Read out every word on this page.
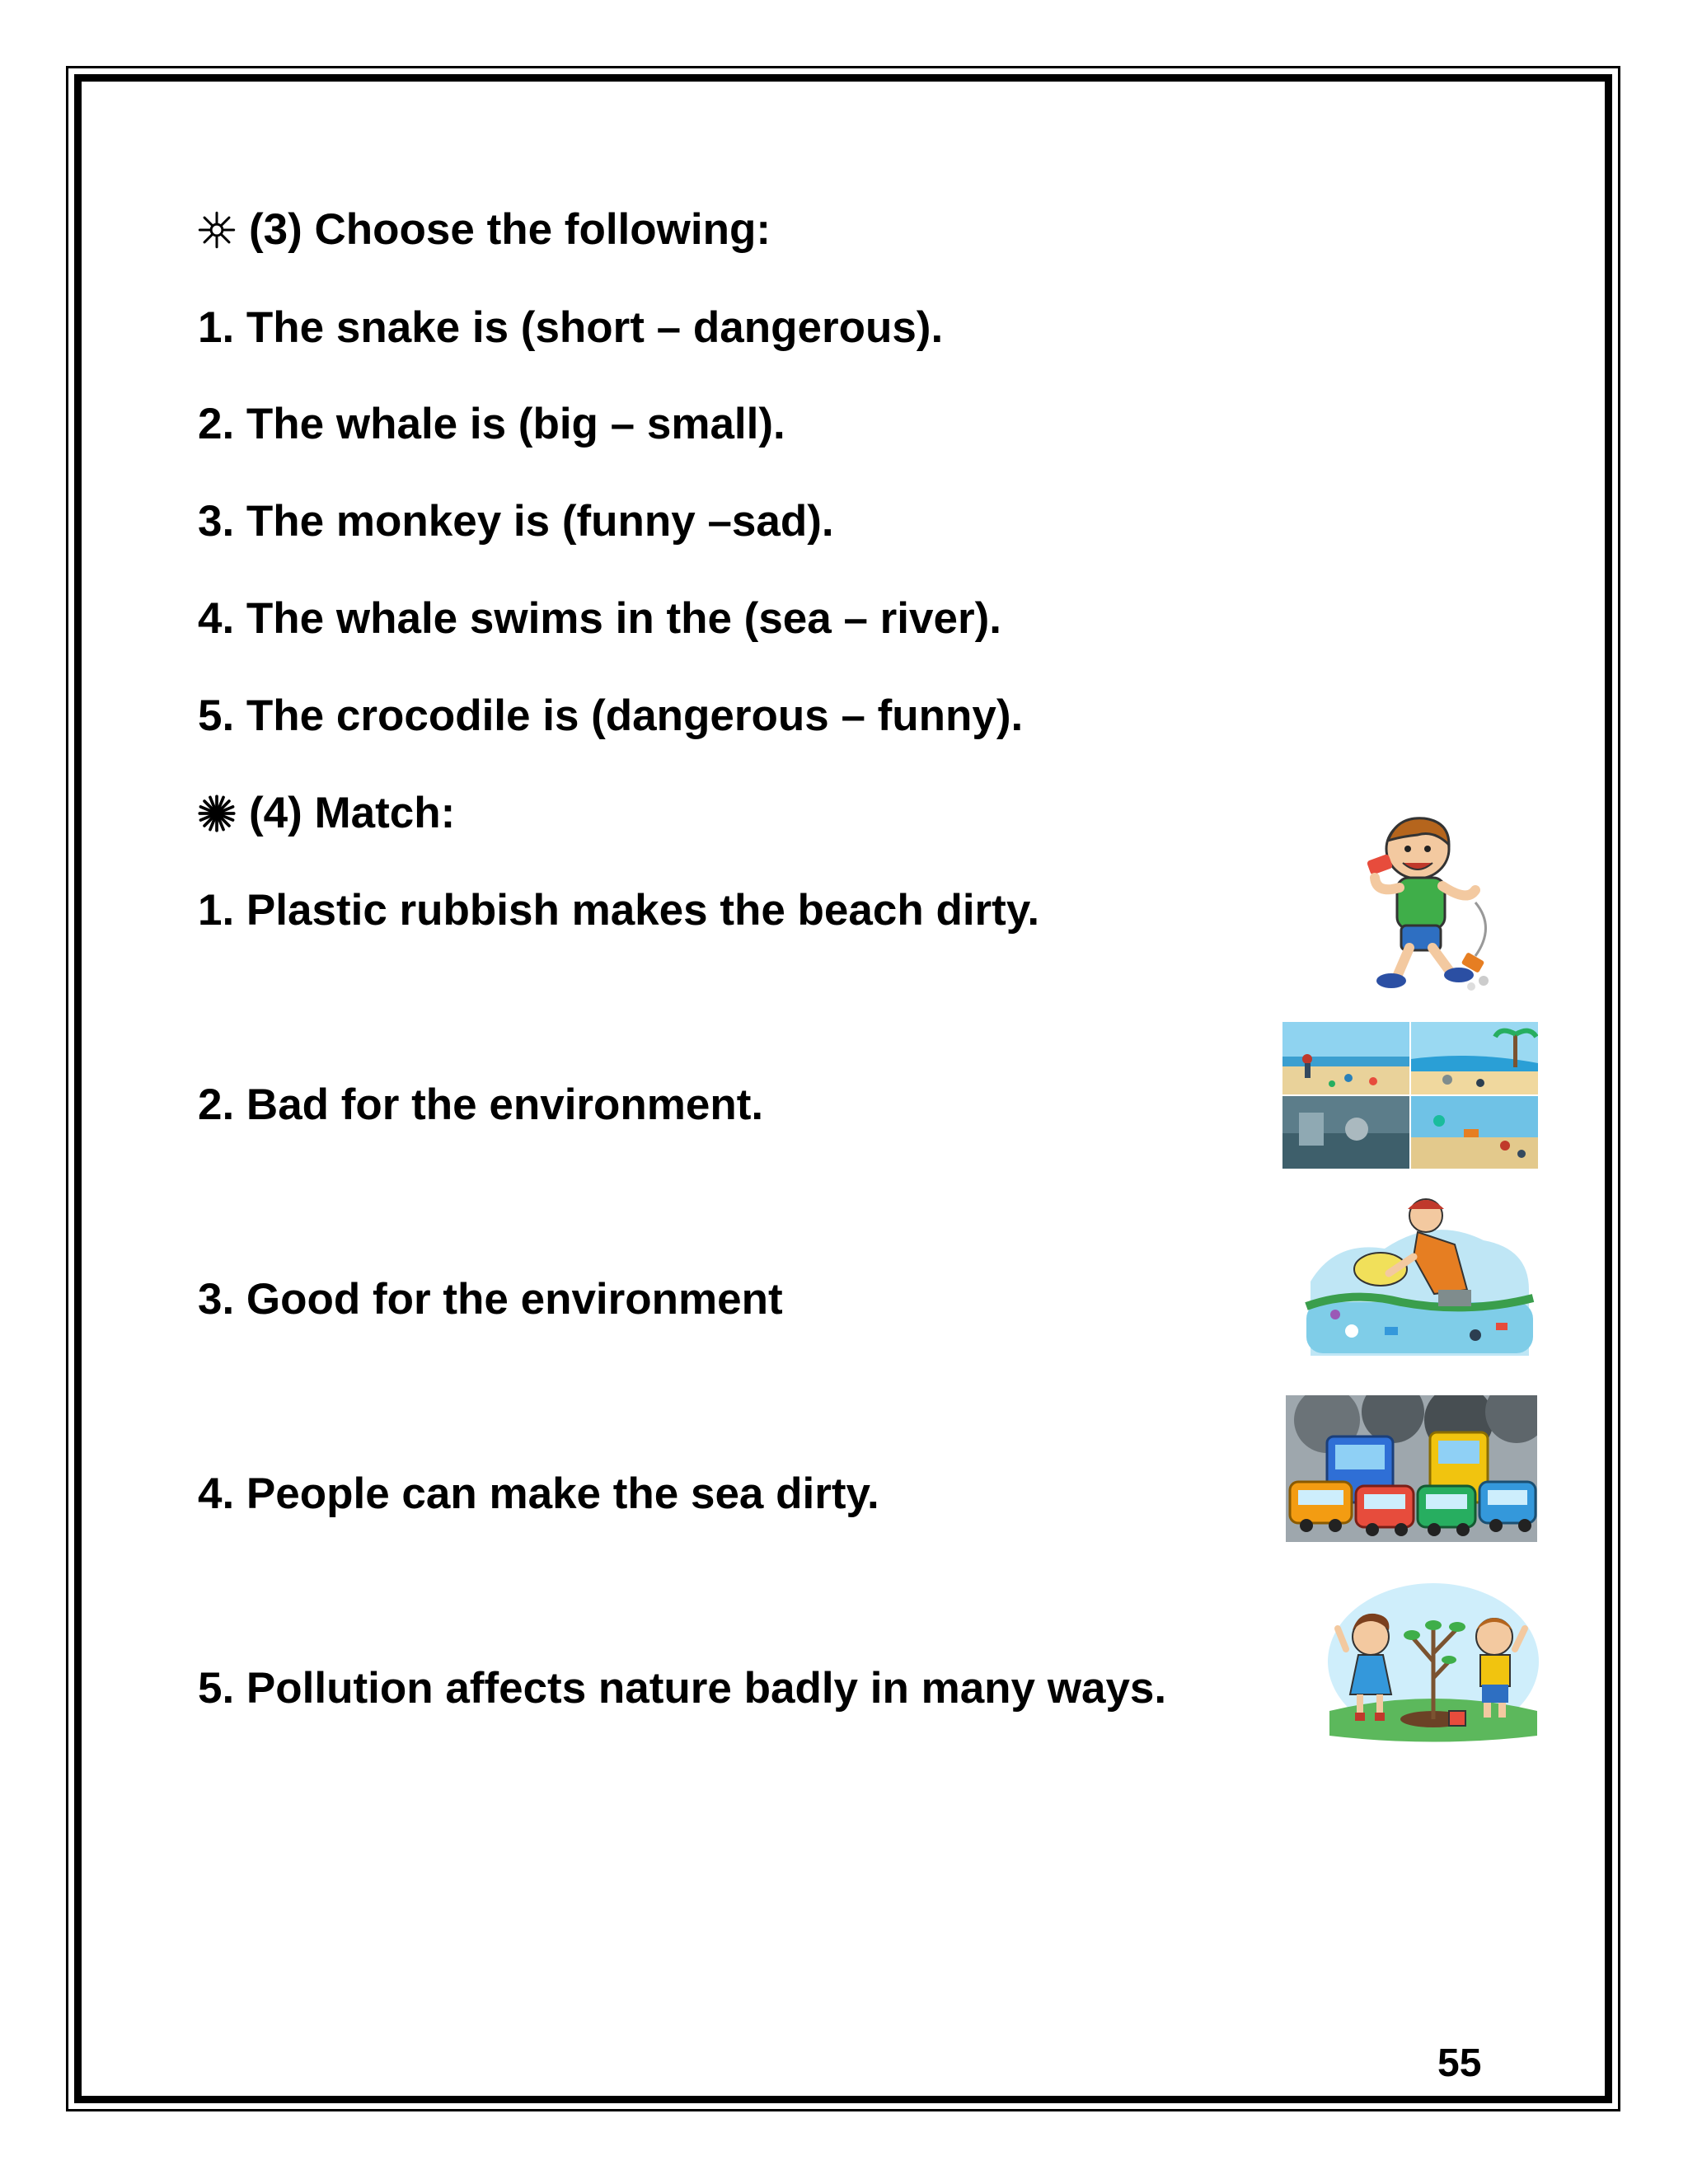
(3) Choose the following:
1. The snake is (short – dangerous).
2. The whale is (big – small).
3. The monkey is (funny –sad).
4. The whale swims in the (sea – river).
5. The crocodile is (dangerous – funny).
(4) Match:
1. Plastic rubbish makes the beach dirty.
2. Bad for the environment.
3. Good for the environment
4. People can make the sea dirty.
5. Pollution affects nature badly in many ways.
55
